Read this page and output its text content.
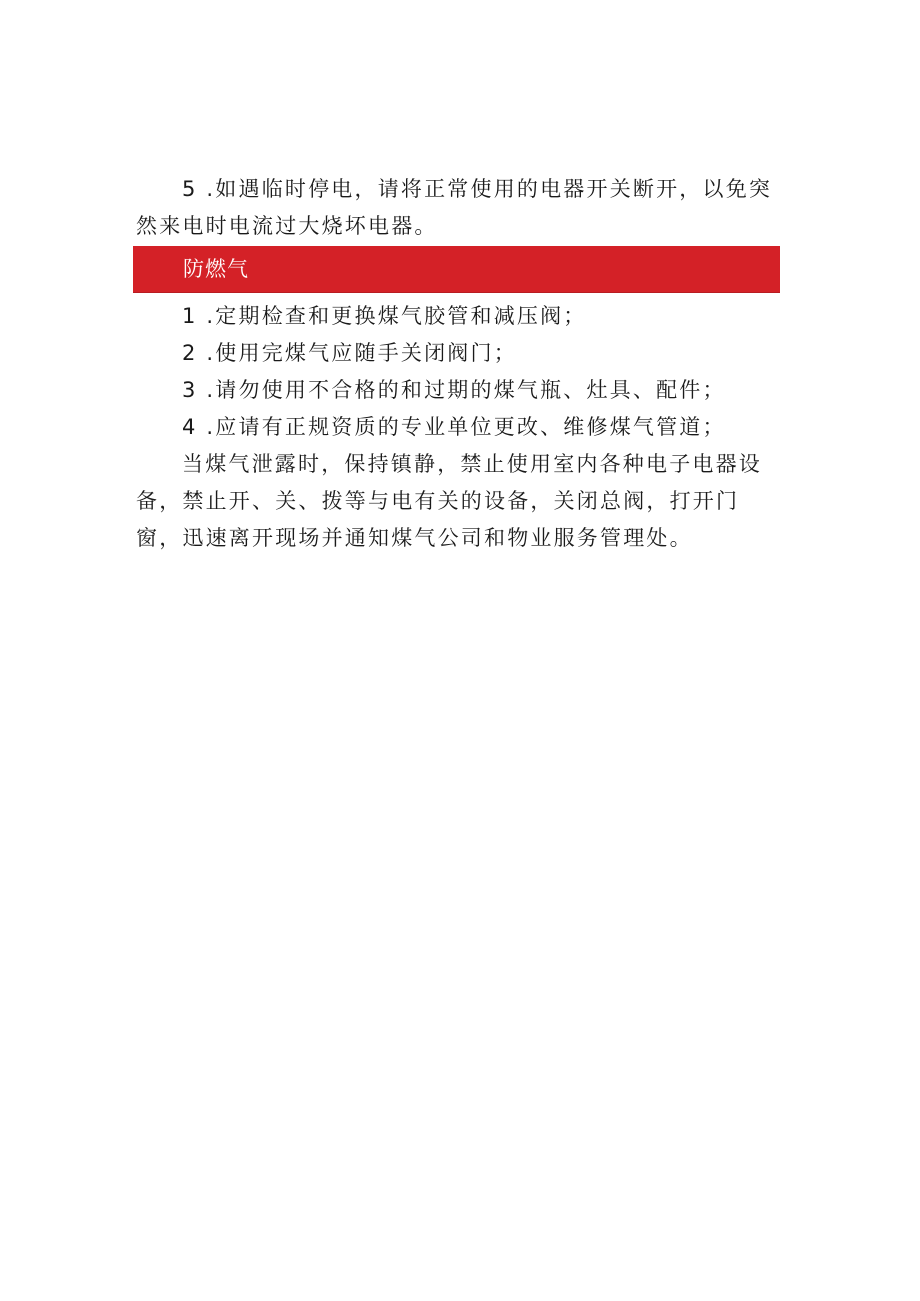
5 .如遇临时停电，请将正常使用的电器开关断开，以免突然来电时电流过大烧坏电器。

防燃气
1 .定期检查和更换煤气胶管和减压阀；
2 .使用完煤气应随手关闭阀门；
3 .请勿使用不合格的和过期的煤气瓶、灶具、配件；
4 .应请有正规资质的专业单位更改、维修煤气管道；

当煤气泄露时，保持镇静，禁止使用室内各种电子电器设备，禁止开、关、拨等与电有关的设备，关闭总阀，打开门窗，迅速离开现场并通知煤气公司和物业服务管理处。
